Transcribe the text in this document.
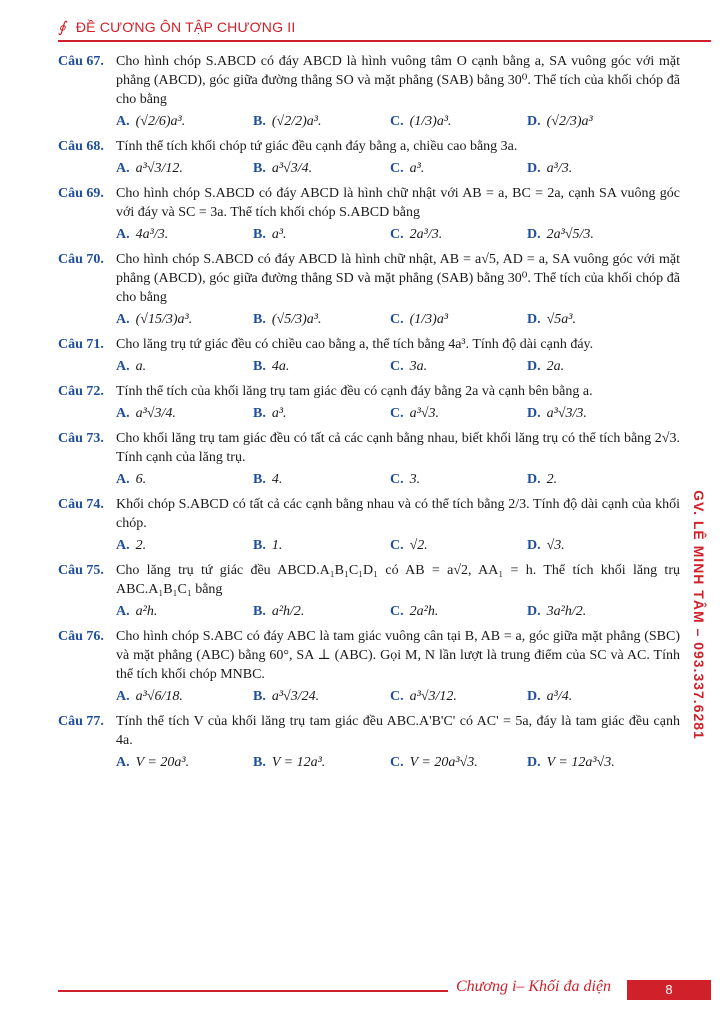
∮ ĐỀ CƯƠNG ÔN TẬP CHƯƠNG II
Câu 67. Cho hình chóp S.ABCD có đáy ABCD là hình vuông tâm O cạnh bằng a, SA vuông góc với mặt phẳng (ABCD), góc giữa đường thẳng SO và mặt phẳng (SAB) bằng 30⁰. Thể tích của khối chóp đã cho bằng
A. (√2/6)a³.	B. (√2/2)a³.	C. (1/3)a³.	D. (√2/3)a³
Câu 68. Tính thể tích khối chóp tứ giác đều cạnh đáy bằng a, chiều cao bằng 3a.
A. a³√3/12.	B. a³√3/4.	C. a³.	D. a³/3.
Câu 69. Cho hình chóp S.ABCD có đáy ABCD là hình chữ nhật với AB = a, BC = 2a, cạnh SA vuông góc với đáy và SC = 3a. Thể tích khối chóp S.ABCD bằng
A. 4a³/3.	B. a³.	C. 2a³/3.	D. 2a³√5/3.
Câu 70. Cho hình chóp S.ABCD có đáy ABCD là hình chữ nhật, AB = a√5, AD = a, SA vuông góc với mặt phẳng (ABCD), góc giữa đường thẳng SD và mặt phẳng (SAB) bằng 30⁰. Thể tích của khối chóp đã cho bằng
A. (√15/3)a³.	B. (√5/3)a³.	C. (1/3)a³	D. √5a³.
Câu 71. Cho lăng trụ tứ giác đều có chiều cao bằng a, thể tích bằng 4a³. Tính độ dài cạnh đáy.
A. a.	B. 4a.	C. 3a.	D. 2a.
Câu 72. Tính thể tích của khối lăng trụ tam giác đều có cạnh đáy bằng 2a và cạnh bên bằng a.
A. a³√3/4.	B. a³.	C. a³√3.	D. a³√3/3.
Câu 73. Cho khối lăng trụ tam giác đều có tất cả các cạnh bằng nhau, biết khối lăng trụ có thể tích bằng 2√3. Tính cạnh của lăng trụ.
A. 6.	B. 4.	C. 3.	D. 2.
Câu 74. Khối chóp S.ABCD có tất cả các cạnh bằng nhau và có thể tích bằng 2/3. Tính độ dài cạnh của khối chóp.
A. 2.	B. 1.	C. √2.	D. √3.
Câu 75. Cho lăng trụ tứ giác đều ABCD.A₁B₁C₁D₁ có AB = a√2, AA₁ = h. Thể tích khối lăng trụ ABC.A₁B₁C₁ bằng
A. a²h.	B. a²h/2.	C. 2a²h.	D. 3a²h/2.
Câu 76. Cho hình chóp S.ABC có đáy ABC là tam giác vuông cân tại B, AB = a, góc giữa mặt phẳng (SBC) và mặt phẳng (ABC) bằng 60°, SA ⊥ (ABC). Gọi M, N lần lượt là trung điểm của SC và AC. Tính thể tích khối chóp MNBC.
A. a³√6/18.	B. a³√3/24.	C. a³√3/12.	D. a³/4.
Câu 77. Tính thể tích V của khối lăng trụ tam giác đều ABC.A'B'C' có AC' = 5a, đáy là tam giác đều cạnh 4a.
A. V = 20a³.	B. V = 12a³.	C. V = 20a³√3.	D. V = 12a³√3.
GV. LÊ MINH TÂM – 093.337.6281
Chương i– Khối đa diện	8
